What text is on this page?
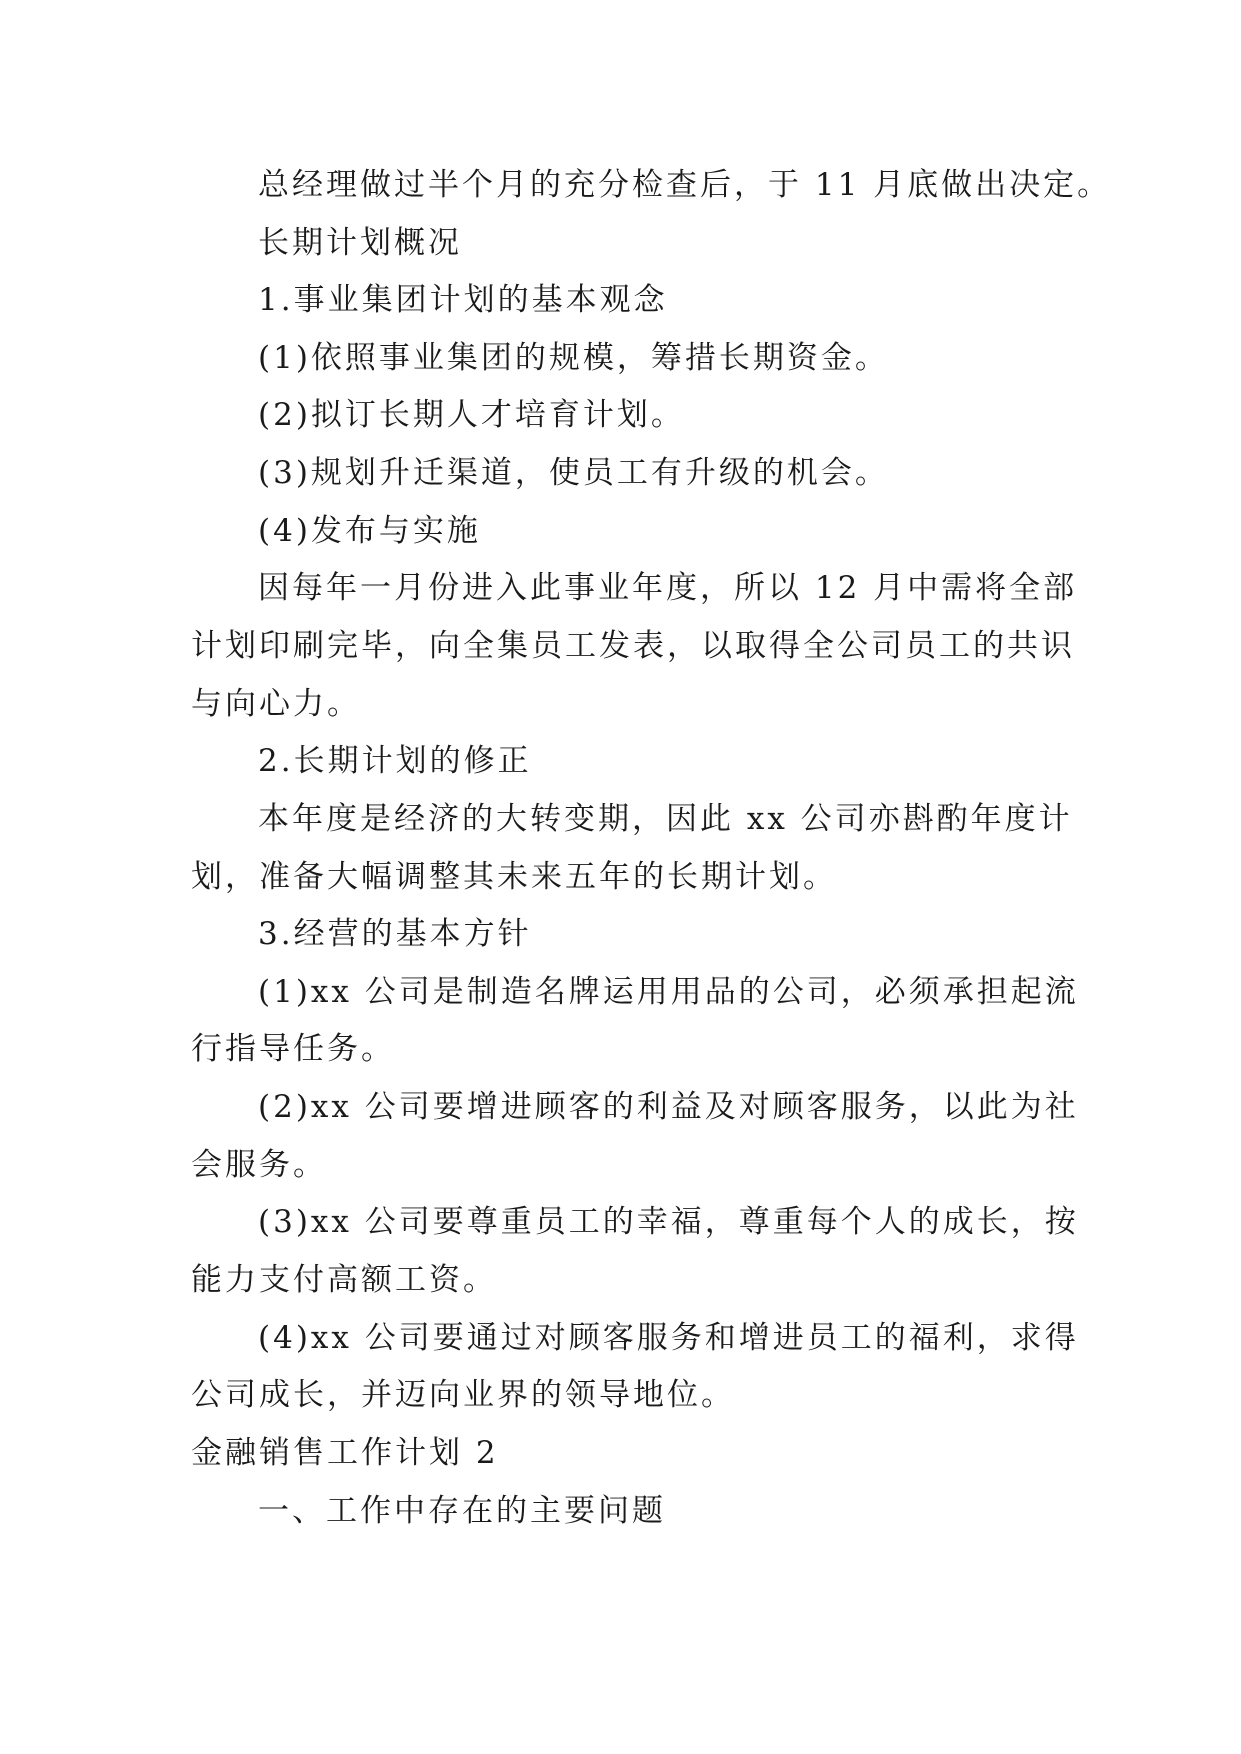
总经理做过半个月的充分检查后，于 11 月底做出决定。
长期计划概况
1.事业集团计划的基本观念
(1)依照事业集团的规模，筹措长期资金。
(2)拟订长期人才培育计划。
(3)规划升迁渠道，使员工有升级的机会。
(4)发布与实施
因每年一月份进入此事业年度，所以 12 月中需将全部
计划印刷完毕，向全集员工发表，以取得全公司员工的共识
与向心力。
2.长期计划的修正
本年度是经济的大转变期，因此 xx 公司亦斟酌年度计
划，准备大幅调整其未来五年的长期计划。
3.经营的基本方针
(1)xx 公司是制造名牌运用用品的公司，必须承担起流
行指导任务。
(2)xx 公司要增进顾客的利益及对顾客服务，以此为社
会服务。
(3)xx 公司要尊重员工的幸福，尊重每个人的成长，按
能力支付高额工资。
(4)xx 公司要通过对顾客服务和增进员工的福利，求得
公司成长，并迈向业界的领导地位。
金融销售工作计划 2
一、工作中存在的主要问题
